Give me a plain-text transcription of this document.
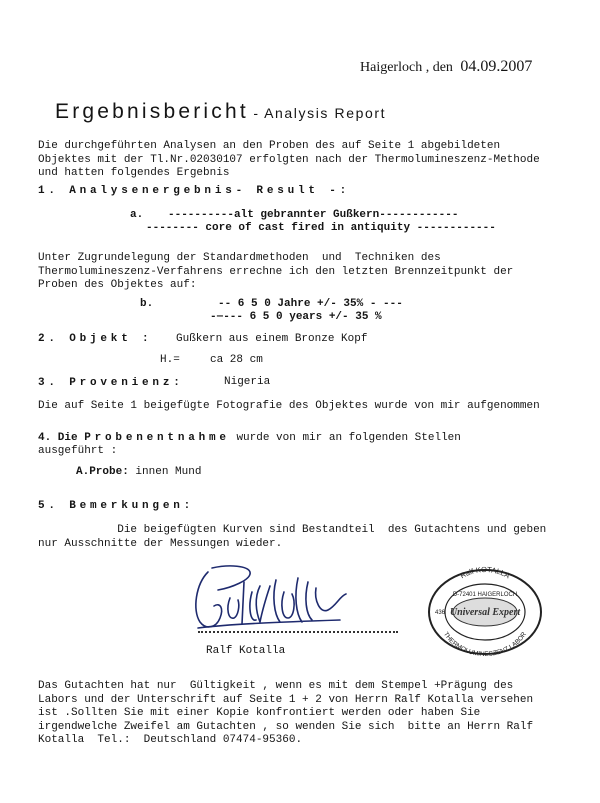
Haigerloch , den 04.09.2007
Ergebnisbericht - Analysis Report
Die durchgeführten Analysen an den Proben des auf Seite 1 abgebildeten
Objektes mit der Tl.Nr.02030107 erfolgten nach der Thermolumineszenz-Methode
und hatten folgendes Ergebnis
1. Analysenergebnis- Result -:
a. ----------alt gebrannter Gußkern------------
-------- core of cast fired in antiquity ------------
Unter Zugrundelegung der Standardmethoden  und  Techniken des
Thermolumineszenz-Verfahrens errechne ich den letzten Brennzeitpunkt der
Proben des Objektes auf:
b.	-- 6 5 0 Jahre +/- 35% - ---
-‒--- 6 5 0 years +/- 35 %
2. Objekt : Gußkern aus einem Bronze Kopf
H.=	ca 28 cm
3. Provenienz:	Nigeria
Die auf Seite 1 beigefügte Fotografie des Objektes wurde von mir aufgenommen
4. Die Probenentnahme wurde von mir an folgenden Stellen
ausgeführt :
A.Probe: innen Mund
5. Bemerkungen:
Die beigefügten Kurven sind Bestandteil  des Gutachtens und geben
nur Ausschnitte der Messungen wieder.
Ralf Kotalla
Ralf KOTALLA
D-72401 HAIGERLOCH
Universal Expert
436
THERMOLUMINESZENZ LABOR
Das Gutachten hat nur  Gültigkeit , wenn es mit dem Stempel +Prägung des
Labors und der Unterschrift auf Seite 1 + 2 von Herrn Ralf Kotalla versehen
ist .Sollten Sie mit einer Kopie konfrontiert werden oder haben Sie
irgendwelche Zweifel am Gutachten , so wenden Sie sich  bitte an Herrn Ralf
Kotalla  Tel.:  Deutschland 07474-95360.
